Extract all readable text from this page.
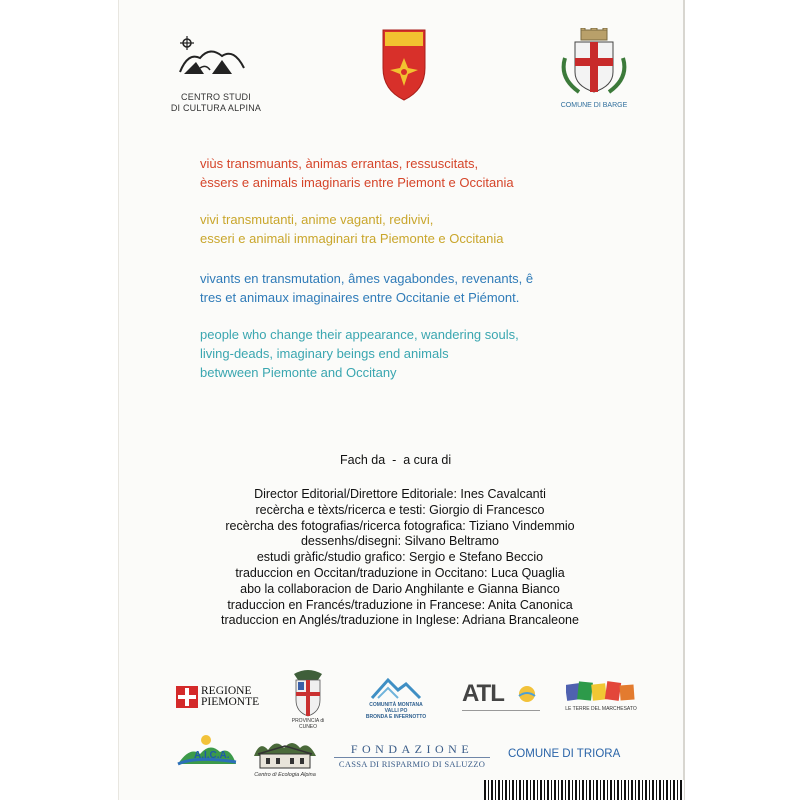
CENTRO STUDI
DI CULTURA ALPINA	COMUNE DI BARGE
viùs transmuants, ànimas errantas, ressuscitats,
èssers e animals imaginaris entre Piemont e Occitania
vivi transmutanti, anime vaganti, redivivi,
esseri e animali immaginari tra Piemonte e Occitania
vivants en transmutation, âmes vagabondes, revenants, ê
tres et animaux imaginaires entre Occitanie et Piémont.
people who change their appearance, wandering souls,
living-deads, imaginary beings end animals
betwween Piemonte and Occitany
Fach da  -  a cura di
Director Editorial/Direttore Editoriale: Ines Cavalcanti
recèrcha e tèxts/ricerca e testi: Giorgio di Francesco
recèrcha des fotografias/ricerca fotografica: Tiziano Vindemmio
dessenhs/disegni: Silvano Beltramo
estudi gràfic/studio grafico: Sergio e Stefano Beccio
traduccion en Occitan/traduzione in Occitano: Luca Quaglia
abo la collaboracion de Dario Anghilante e Gianna Bianco
traduccion en Francés/traduzione in Francese: Anita Canonica
traduccion en Anglés/traduzione in Inglese: Adriana Brancaleone
REGIONE
PIEMONTE
PROVINCIA di CUNEO
COMUNITÀ MONTANA
VALLI PO
BRONDA E INFERNOTTO
ATL
LE TERRE DEL MARCHESATO
A.I.C.A.
Centro di Ecologia Alpina
FONDAZIONE
CASSA DI RISPARMIO DI SALUZZO
COMUNE DI TRIORA
